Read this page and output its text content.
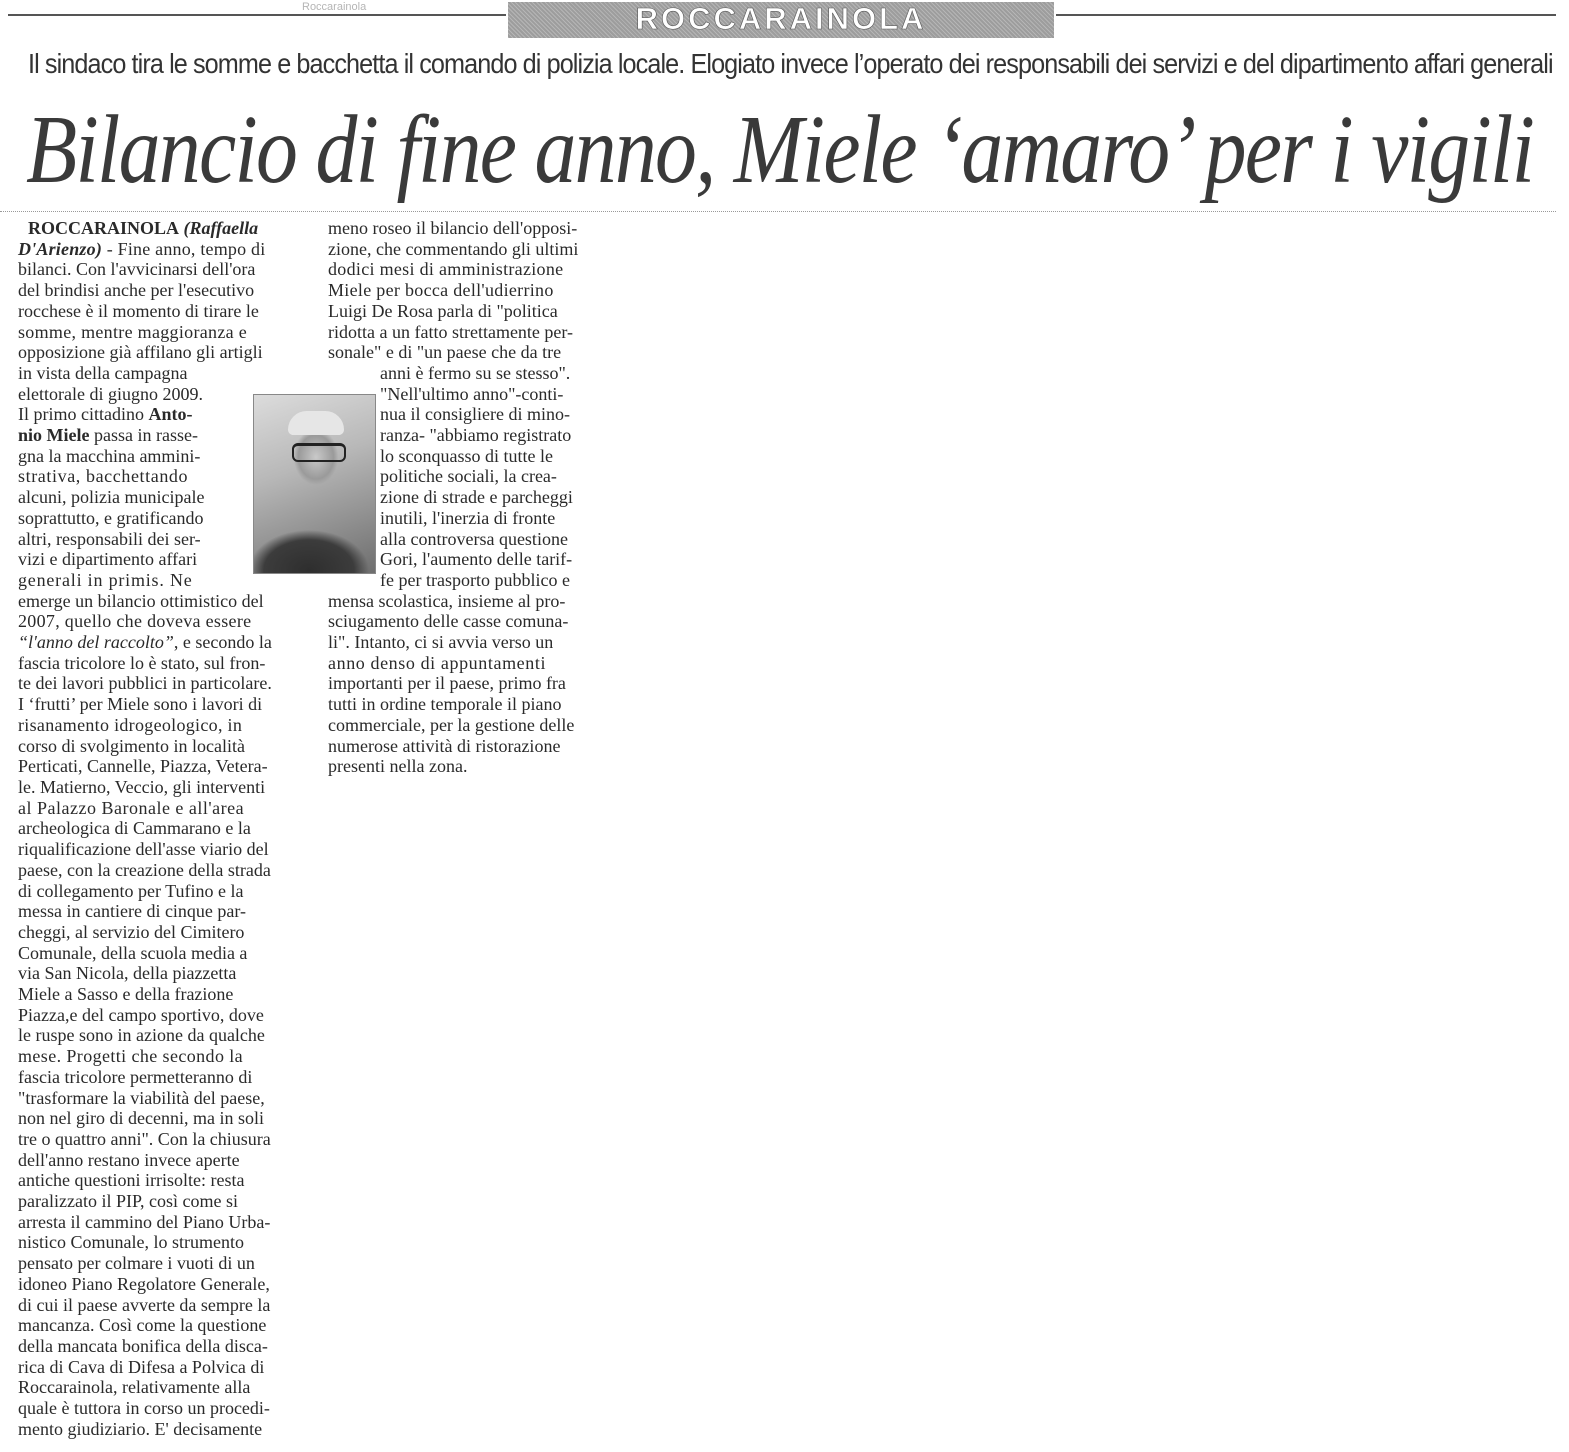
Roccarainola	ROCCARAINOLA
Il sindaco tira le somme e bacchetta il comando di polizia locale. Elogiato invece l’operato dei responsabili dei servizi e del dipartimento affari generali
Bilancio di fine anno, Miele ‘amaro’ per i vigili
ROCCARAINOLA (Raffaella
D'Arienzo) - Fine anno, tempo di
bilanci. Con l'avvicinarsi dell'ora
del brindisi anche per l'esecutivo
rocchese è il momento di tirare le
somme, mentre maggioranza e
opposizione già affilano gli artigli
in vista della campagna
elettorale di giugno 2009.
Il primo cittadino Anto-
nio Miele passa in rasse-
gna la macchina ammini-
strativa, bacchettando
alcuni, polizia municipale
soprattutto, e gratificando
altri, responsabili dei ser-
vizi e dipartimento affari
generali in primis. Ne
emerge un bilancio ottimistico del
2007, quello che doveva essere
“l'anno del raccolto”, e secondo la
fascia tricolore lo è stato, sul fron-
te dei lavori pubblici in particolare.
I ‘frutti’ per Miele sono i lavori di
risanamento idrogeologico, in
corso di svolgimento in località
Perticati, Cannelle, Piazza, Vetera-
le. Matierno, Veccio, gli interventi
al Palazzo Baronale e all'area
archeologica di Cammarano e la
riqualificazione dell'asse viario del
paese, con la creazione della strada
di collegamento per Tufino e la
messa in cantiere di cinque par-
cheggi, al servizio del Cimitero
Comunale, della scuola media a
via San Nicola, della piazzetta
Miele a Sasso e della frazione
Piazza,e del campo sportivo, dove
le ruspe sono in azione da qualche
mese. Progetti che secondo la
fascia tricolore permetteranno di
"trasformare la viabilità del paese,
non nel giro di decenni, ma in soli
tre o quattro anni". Con la chiusura
dell'anno restano invece aperte
antiche questioni irrisolte: resta
paralizzato il PIP, così come si
arresta il cammino del Piano Urba-
nistico Comunale, lo strumento
pensato per colmare i vuoti di un
idoneo Piano Regolatore Generale,
di cui il paese avverte da sempre la
mancanza. Così come la questione
della mancata bonifica della disca-
rica di Cava di Difesa a Polvica di
Roccarainola, relativamente alla
quale è tuttora in corso un procedi-
mento giudiziario. E' decisamente
meno roseo il bilancio dell'opposi-
zione, che commentando gli ultimi
dodici mesi di amministrazione
Miele per bocca dell'udierrino
Luigi De Rosa parla di "politica
ridotta a un fatto strettamente per-
sonale" e di "un paese che da tre
anni è fermo su se stesso".
"Nell'ultimo anno"-conti-
nua il consigliere di mino-
ranza- "abbiamo registrato
lo sconquasso di tutte le
politiche sociali, la crea-
zione di strade e parcheggi
inutili, l'inerzia di fronte
alla controversa questione
Gori, l'aumento delle tarif-
fe per trasporto pubblico e
mensa scolastica, insieme al pro-
sciugamento delle casse comuna-
li". Intanto, ci si avvia verso un
anno denso di appuntamenti
importanti per il paese, primo fra
tutti in ordine temporale il piano
commerciale, per la gestione delle
numerose attività di ristorazione
presenti nella zona.
